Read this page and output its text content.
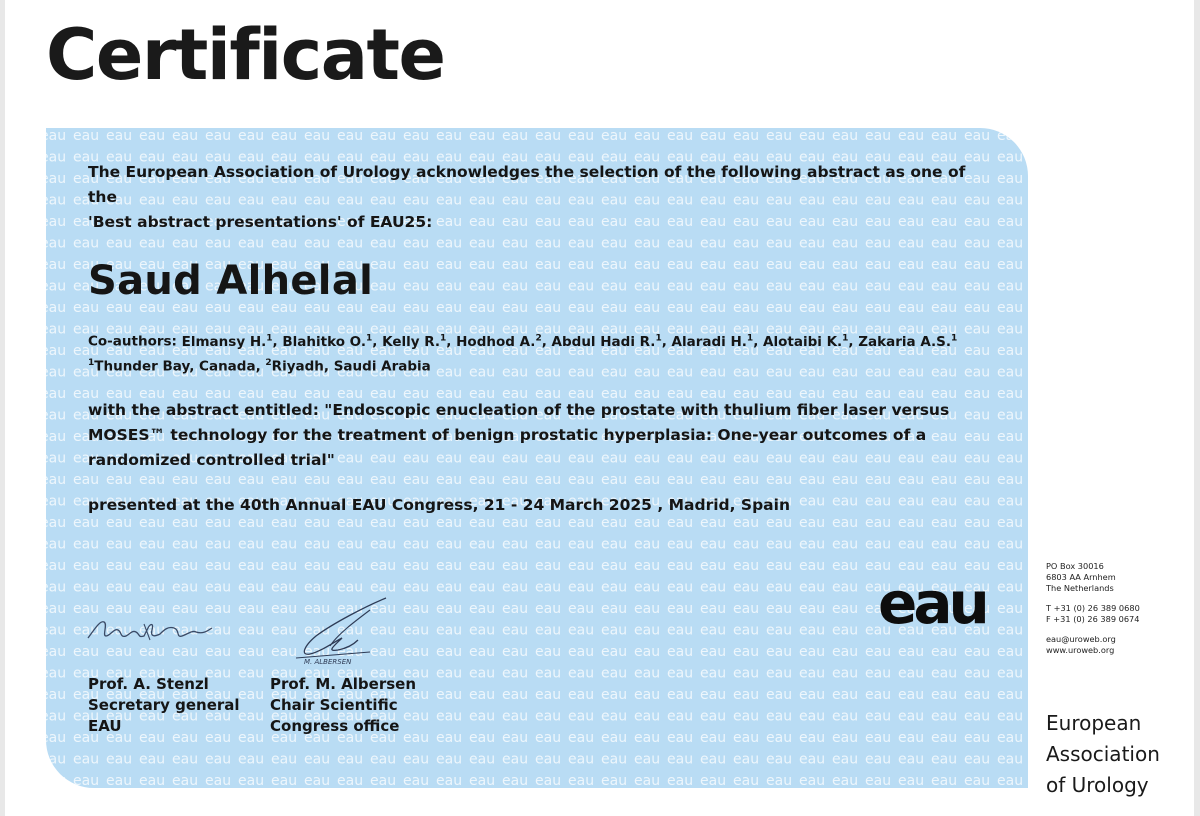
Certificate

The European Association of Urology acknowledges the selection of the following abstract as one of the
'Best abstract presentations' of EAU25:

Saud Alhelal
Co-authors: Elmansy H.$^1$, Blahitko O.$^1$, Kelly R.$^1$, Hodhod A.$^2$, Abdul Hadi R.$^1$, Alaradi H.$^1$, Alotaibi K.$^1$, Zakaria A.S.$^1$
$^1$Thunder Bay, Canada, $^2$Riyadh, Saudi Arabia

with the abstract entitled: "Endoscopic enucleation of the prostate with thulium fiber laser versus MOSES™ technology for the treatment of benign prostatic hyperplasia: One-year outcomes of a randomized controlled trial"

presented at the 40th Annual EAU Congress, 21 - 24 March 2025 , Madrid, Spain

M. ALBERSEN
Prof. A. Stenzl
Secretary general
EAU
Prof. M. Albersen
Chair Scientific
Congress office
eau
PO Box 30016
6803 AA Arnhem
The Netherlands
T +31 (0) 26 389 0680
F +31 (0) 26 389 0674
eau@uroweb.org
www.uroweb.org
European
Association
of Urology
